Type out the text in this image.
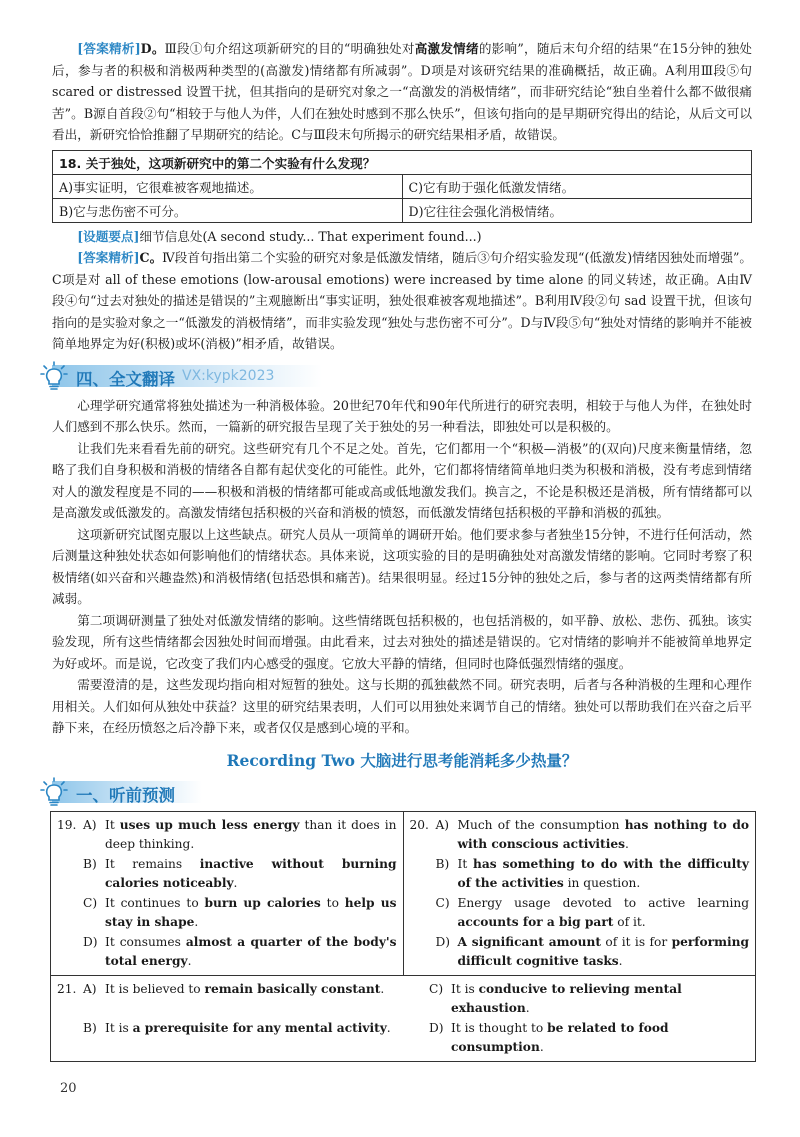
[答案精析]D。Ⅲ段①句介绍这项新研究的目的“明确独处对高激发情绪的影响”，随后末句介绍的结果“在15分钟的独处后，参与者的积极和消极两种类型的(高激发)情绪都有所减弱”。D项是对该研究结果的准确概括，故正确。A利用Ⅲ段⑤句 scared or distressed 设置干扰，但其指向的是研究对象之一“高激发的消极情绪”，而非研究结论“独自坐着什么都不做很痛苦”。B源自首段②句“相较于与他人为伴，人们在独处时感到不那么快乐”，但该句指向的是早期研究得出的结论，从后文可以看出，新研究恰恰推翻了早期研究的结论。C与Ⅲ段末句所揭示的研究结果相矛盾，故错误。

18. 关于独处，这项新研究中的第二个实验有什么发现？	
A)事实证明，它很难被客观地描述。	C)它有助于强化低激发情绪。
B)它与悲伤密不可分。	D)它往往会强化消极情绪。

[设题要点]细节信息处(A second study... That experiment found...)

[答案精析]C。Ⅳ段首句指出第二个实验的研究对象是低激发情绪，随后③句介绍实验发现“(低激发)情绪因独处而增强”。C项是对 all of these emotions (low-arousal emotions) were increased by time alone 的同义转述，故正确。A由Ⅳ段④句“过去对独处的描述是错误的”主观臆断出“事实证明，独处很难被客观地描述”。B利用Ⅳ段②句 sad 设置干扰，但该句指向的是实验对象之一“低激发的消极情绪”，而非实验发现“独处与悲伤密不可分”。D与Ⅳ段⑤句“独处对情绪的影响并不能被简单地界定为好(积极)或坏(消极)”相矛盾，故错误。

四、全文翻译 VX:kypk2023

心理学研究通常将独处描述为一种消极体验。20世纪70年代和90年代所进行的研究表明，相较于与他人为伴，在独处时人们感到不那么快乐。然而，一篇新的研究报告呈现了关于独处的另一种看法，即独处可以是积极的。

让我们先来看看先前的研究。这些研究有几个不足之处。首先，它们都用一个“积极—消极”的(双向)尺度来衡量情绪，忽略了我们自身积极和消极的情绪各自都有起伏变化的可能性。此外，它们都将情绪简单地归类为积极和消极，没有考虑到情绪对人的激发程度是不同的——积极和消极的情绪都可能或高或低地激发我们。换言之，不论是积极还是消极，所有情绪都可以是高激发或低激发的。高激发情绪包括积极的兴奋和消极的愤怒，而低激发情绪包括积极的平静和消极的孤独。

这项新研究试图克服以上这些缺点。研究人员从一项简单的调研开始。他们要求参与者独坐15分钟，不进行任何活动，然后测量这种独处状态如何影响他们的情绪状态。具体来说，这项实验的目的是明确独处对高激发情绪的影响。它同时考察了积极情绪(如兴奋和兴趣盎然)和消极情绪(包括恐惧和痛苦)。结果很明显。经过15分钟的独处之后，参与者的这两类情绪都有所减弱。

第二项调研测量了独处对低激发情绪的影响。这些情绪既包括积极的，也包括消极的，如平静、放松、悲伤、孤独。该实验发现，所有这些情绪都会因独处时间而增强。由此看来，过去对独处的描述是错误的。它对情绪的影响并不能被简单地界定为好或坏。而是说，它改变了我们内心感受的强度。它放大平静的情绪，但同时也降低强烈情绪的强度。

需要澄清的是，这些发现均指向相对短暂的独处。这与长期的孤独截然不同。研究表明，后者与各种消极的生理和心理作用相关。人们如何从独处中获益？这里的研究结果表明，人们可以用独处来调节自己的情绪。独处可以帮助我们在兴奋之后平静下来，在经历愤怒之后冷静下来，或者仅仅是感到心境的平和。

Recording Two 大脑进行思考能消耗多少热量？
一、听前预测
19. A) It uses up much less energy than it does in deep thinking.
B) It remains inactive without burning calories noticeably.
C) It continues to burn up calories to help us stay in shape.
D) It consumes almost a quarter of the body's total energy.

20. A) Much of the consumption has nothing to do with conscious activities.
B) It has something to do with the difficulty of the activities in question.
C) Energy usage devoted to active learning accounts for a big part of it.
D) A significant amount of it is for performing difficult cognitive tasks.

21. A) It is believed to remain basically constant.	C) It is conducive to relieving mental exhaustion.
B) It is a prerequisite for any mental activity.	D) It is thought to be related to food consumption.
20
